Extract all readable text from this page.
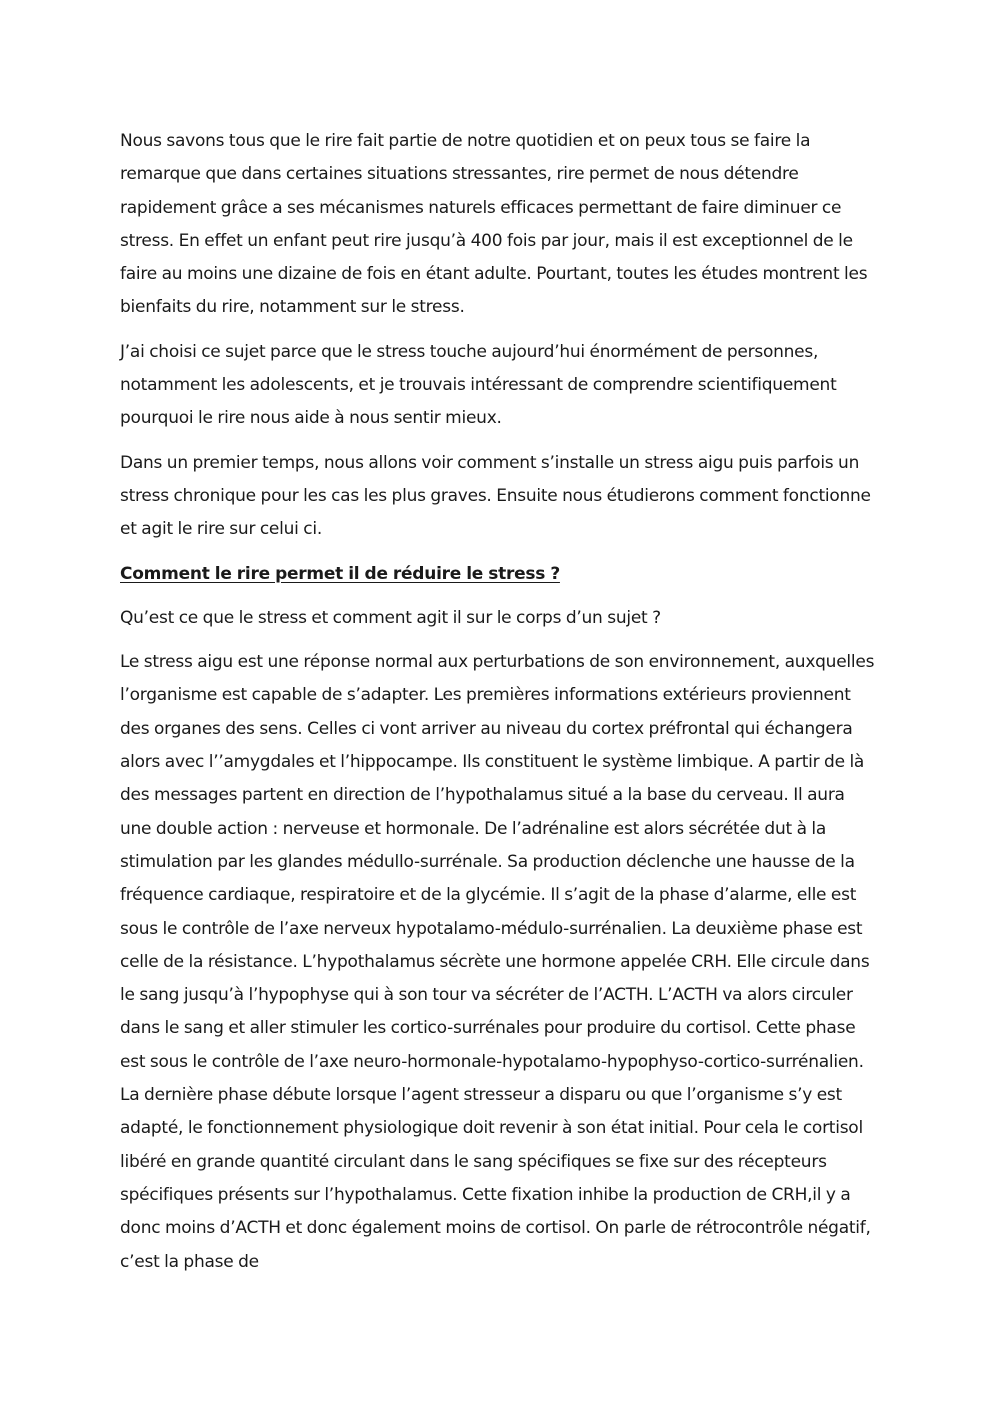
Nous savons tous que le rire fait partie de notre quotidien et on peux tous se faire la remarque que dans certaines situations stressantes, rire permet de nous détendre rapidement grâce a ses mécanismes naturels efficaces permettant de faire diminuer ce stress. En effet un enfant peut rire jusqu’à 400 fois par jour, mais il est exceptionnel de le faire au moins une dizaine de fois en étant adulte. Pourtant, toutes les études montrent les bienfaits du rire, notamment sur le stress.

J’ai choisi ce sujet parce que le stress touche aujourd’hui énormément de personnes, notamment les adolescents, et je trouvais intéressant de comprendre scientifiquement pourquoi le rire nous aide à nous sentir mieux.

Dans un premier temps, nous allons voir comment s’installe un stress aigu puis parfois un stress chronique pour les cas les plus graves. Ensuite nous étudierons comment fonctionne et agit le rire sur celui ci.

Comment le rire permet il de réduire le stress ?

Qu’est ce que le stress et comment agit il sur le corps d’un sujet ?

Le stress aigu est une réponse normal aux perturbations de son environnement, auxquelles l’organisme est capable de s’adapter. Les premières informations extérieurs proviennent des organes des sens. Celles ci vont arriver au niveau du cortex préfrontal qui échangera alors avec l’’amygdales et l’hippocampe. Ils constituent le système limbique. A partir de là des messages partent en direction de l’hypothalamus situé a la base du cerveau. Il aura une double action : nerveuse et hormonale. De l’adrénaline est alors sécrétée dut à la stimulation par les glandes médullo-surrénale. Sa production déclenche une hausse de la fréquence cardiaque, respiratoire et de la glycémie. Il s’agit de la phase d’alarme, elle est sous le contrôle de l’axe nerveux hypotalamo-médulo-surrénalien. La deuxième phase est celle de la résistance. L’hypothalamus sécrète une hormone appelée CRH. Elle circule dans le sang jusqu’à l’hypophyse qui à son tour va sécréter de l’ACTH. L’ACTH va alors circuler dans le sang et aller stimuler les cortico-surrénales pour produire du cortisol. Cette phase est sous le contrôle de l’axe neuro-hormonale-hypotalamo-hypophyso-cortico-surrénalien. La dernière phase débute lorsque l’agent stresseur a disparu ou que l’organisme s’y est adapté, le fonctionnement physiologique doit revenir à son état initial. Pour cela le cortisol libéré en grande quantité circulant dans le sang spécifiques se fixe sur des récepteurs spécifiques présents sur l’hypothalamus. Cette fixation inhibe la production de CRH,il y a donc moins d’ACTH et donc également moins de cortisol. On parle de rétrocontrôle négatif, c’est la phase de
